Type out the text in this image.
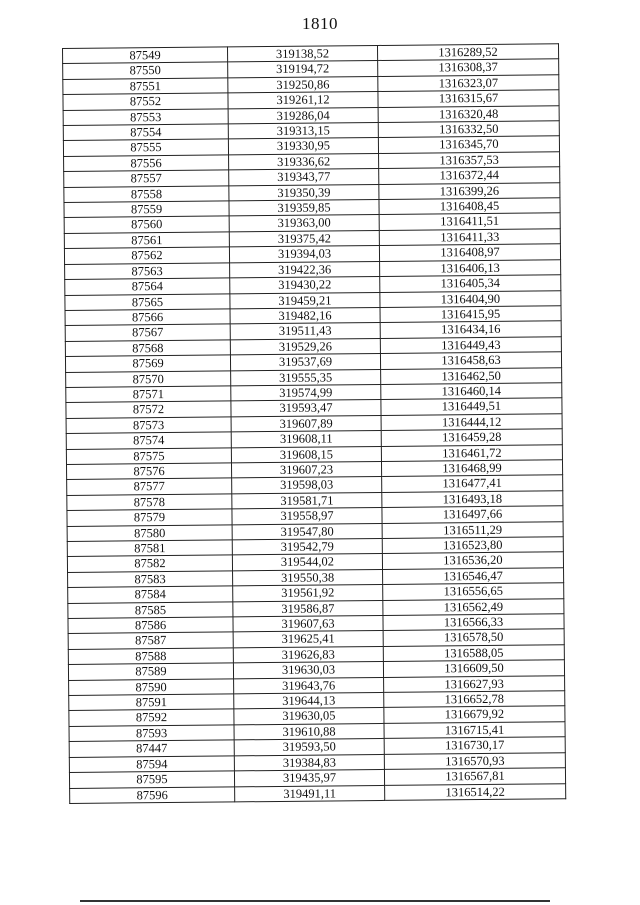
1810
87549	319138,52	1316289,52
87550	319194,72	1316308,37
87551	319250,86	1316323,07
87552	319261,12	1316315,67
87553	319286,04	1316320,48
87554	319313,15	1316332,50
87555	319330,95	1316345,70
87556	319336,62	1316357,53
87557	319343,77	1316372,44
87558	319350,39	1316399,26
87559	319359,85	1316408,45
87560	319363,00	1316411,51
87561	319375,42	1316411,33
87562	319394,03	1316408,97
87563	319422,36	1316406,13
87564	319430,22	1316405,34
87565	319459,21	1316404,90
87566	319482,16	1316415,95
87567	319511,43	1316434,16
87568	319529,26	1316449,43
87569	319537,69	1316458,63
87570	319555,35	1316462,50
87571	319574,99	1316460,14
87572	319593,47	1316449,51
87573	319607,89	1316444,12
87574	319608,11	1316459,28
87575	319608,15	1316461,72
87576	319607,23	1316468,99
87577	319598,03	1316477,41
87578	319581,71	1316493,18
87579	319558,97	1316497,66
87580	319547,80	1316511,29
87581	319542,79	1316523,80
87582	319544,02	1316536,20
87583	319550,38	1316546,47
87584	319561,92	1316556,65
87585	319586,87	1316562,49
87586	319607,63	1316566,33
87587	319625,41	1316578,50
87588	319626,83	1316588,05
87589	319630,03	1316609,50
87590	319643,76	1316627,93
87591	319644,13	1316652,78
87592	319630,05	1316679,92
87593	319610,88	1316715,41
87447	319593,50	1316730,17
87594	319384,83	1316570,93
87595	319435,97	1316567,81
87596	319491,11	1316514,22
